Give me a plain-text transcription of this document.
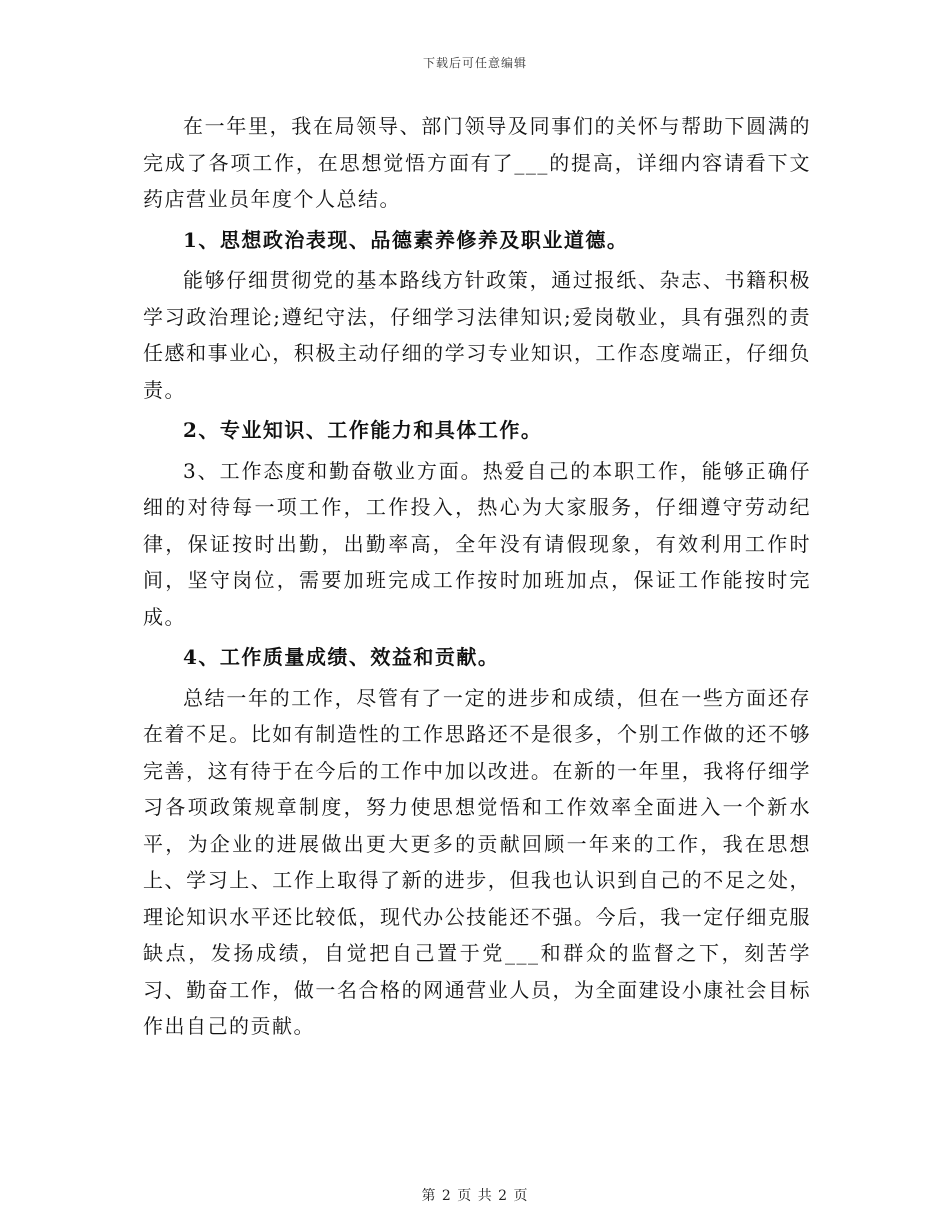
下载后可任意编辑

在一年里，我在局领导、部门领导及同事们的关怀与帮助下圆满的完成了各项工作，在思想觉悟方面有了___的提高，详细内容请看下文药店营业员年度个人总结。

1、思想政治表现、品德素养修养及职业道德。

能够仔细贯彻党的基本路线方针政策，通过报纸、杂志、书籍积极学习政治理论;遵纪守法，仔细学习法律知识;爱岗敬业，具有强烈的责任感和事业心，积极主动仔细的学习专业知识，工作态度端正，仔细负责。

2、专业知识、工作能力和具体工作。

3、工作态度和勤奋敬业方面。热爱自己的本职工作，能够正确仔细的对待每一项工作，工作投入，热心为大家服务，仔细遵守劳动纪律，保证按时出勤，出勤率高，全年没有请假现象，有效利用工作时间，坚守岗位，需要加班完成工作按时加班加点，保证工作能按时完成。

4、工作质量成绩、效益和贡献。

总结一年的工作，尽管有了一定的进步和成绩，但在一些方面还存在着不足。比如有制造性的工作思路还不是很多，个别工作做的还不够完善，这有待于在今后的工作中加以改进。在新的一年里，我将仔细学习各项政策规章制度，努力使思想觉悟和工作效率全面进入一个新水平，为企业的进展做出更大更多的贡献回顾一年来的工作，我在思想上、学习上、工作上取得了新的进步，但我也认识到自己的不足之处，理论知识水平还比较低，现代办公技能还不强。今后，我一定仔细克服缺点，发扬成绩，自觉把自己置于党___和群众的监督之下，刻苦学习、勤奋工作，做一名合格的网通营业人员，为全面建设小康社会目标作出自己的贡献。

第 2 页 共 2 页
